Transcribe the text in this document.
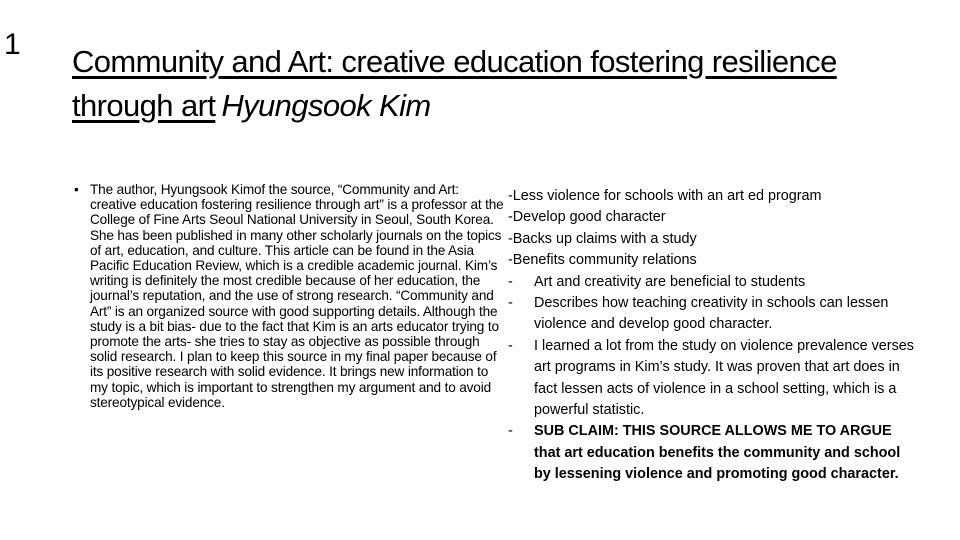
1 Community and Art: creative education fostering resilience through art Hyungsook Kim
• The author, Hyungsook Kimof the source, “Community and Art: creative education fostering resilience through art” is a professor at the College of Fine Arts Seoul National University in Seoul, South Korea. She has been published in many other scholarly journals on the topics of art, education, and culture. This article can be found in the Asia Pacific Education Review, which is a credible academic journal. Kim’s writing is definitely the most credible because of her education, the journal’s reputation, and the use of strong research. “Community and Art” is an organized source with good supporting details. Although the study is a bit bias- due to the fact that Kim is an arts educator trying to promote the arts- she tries to stay as objective as possible through solid research. I plan to keep this source in my final paper because of its positive research with solid evidence. It brings new information to my topic, which is important to strengthen my argument and to avoid stereotypical evidence.
-Less violence for schools with an art ed program
-Develop good character
-Backs up claims with a study
-Benefits community relations
-	Art and creativity are beneficial to students
-	Describes how teaching creativity in schools can lessen violence and develop good character.
-	I learned a lot from the study on violence prevalence verses art programs in Kim’s study. It was proven that art does in fact lessen acts of violence in a school setting, which is a powerful statistic.
-	SUB CLAIM: THIS SOURCE ALLOWS ME TO ARGUE that art education benefits the community and school by lessening violence and promoting good character.
